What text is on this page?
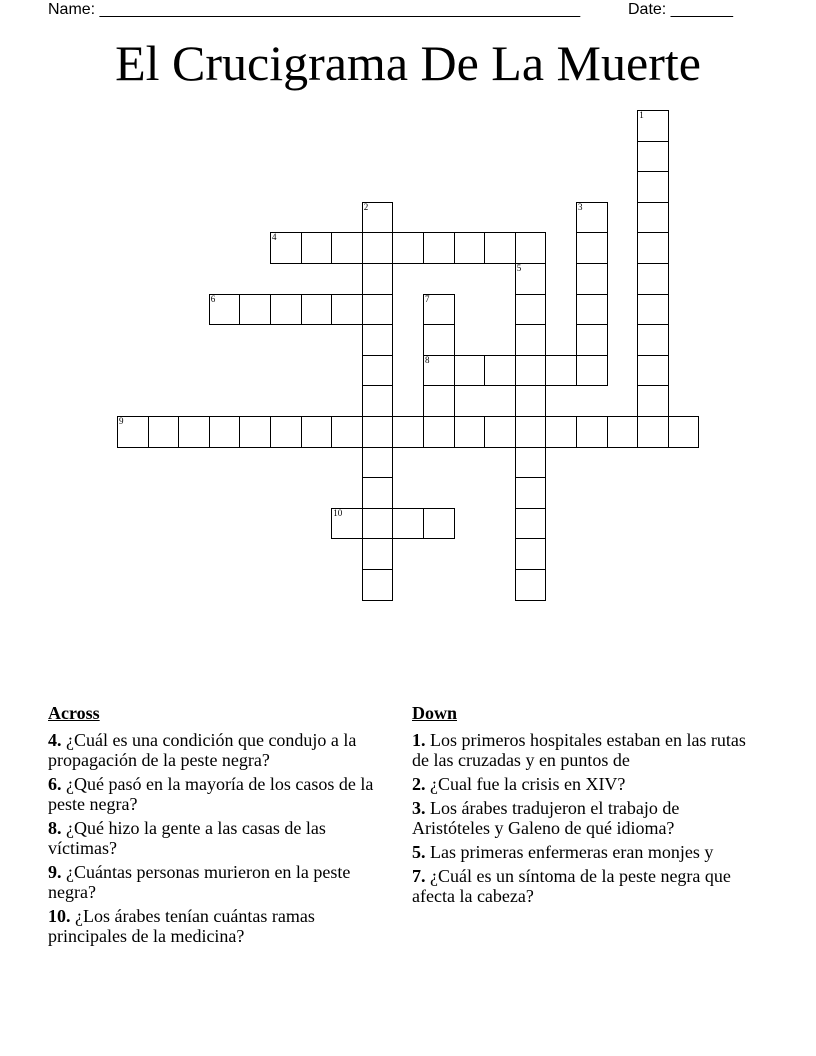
Name: ______________________________________________________	Date: _______
El Crucigrama De La Muerte
1
2	3
4
5
6	7
8
9
10
Across
4. ¿Cuál es una condición que condujo a la propagación de la peste negra?
6. ¿Qué pasó en la mayoría de los casos de la peste negra?
8. ¿Qué hizo la gente a las casas de las víctimas?
9. ¿Cuántas personas murieron en la peste negra?
10. ¿Los árabes tenían cuántas ramas principales de la medicina?
Down
1. Los primeros hospitales estaban en las rutas de las cruzadas y en puntos de
2. ¿Cual fue la crisis en XIV?
3. Los árabes tradujeron el trabajo de Aristóteles y Galeno de qué idioma?
5. Las primeras enfermeras eran monjes y
7. ¿Cuál es un síntoma de la peste negra que afecta la cabeza?
